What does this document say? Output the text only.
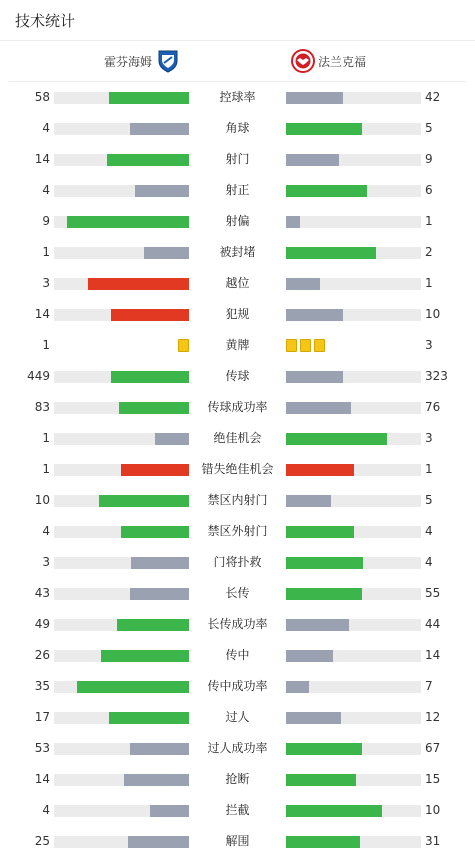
技术统计
霍芬海姆	法兰克福
58	控球率	42
4	角球	5
14	射门	9
4	射正	6
9	射偏	1
1	被封堵	2
3	越位	1
14	犯规	10
1	黄牌	3
449	传球	323
83	传球成功率	76
1	绝佳机会	3
1	错失绝佳机会	1
10	禁区内射门	5
4	禁区外射门	4
3	门将扑救	4
43	长传	55
49	长传成功率	44
26	传中	14
35	传中成功率	7
17	过人	12
53	过人成功率	67
14	抢断	15
4	拦截	10
25	解围	31
